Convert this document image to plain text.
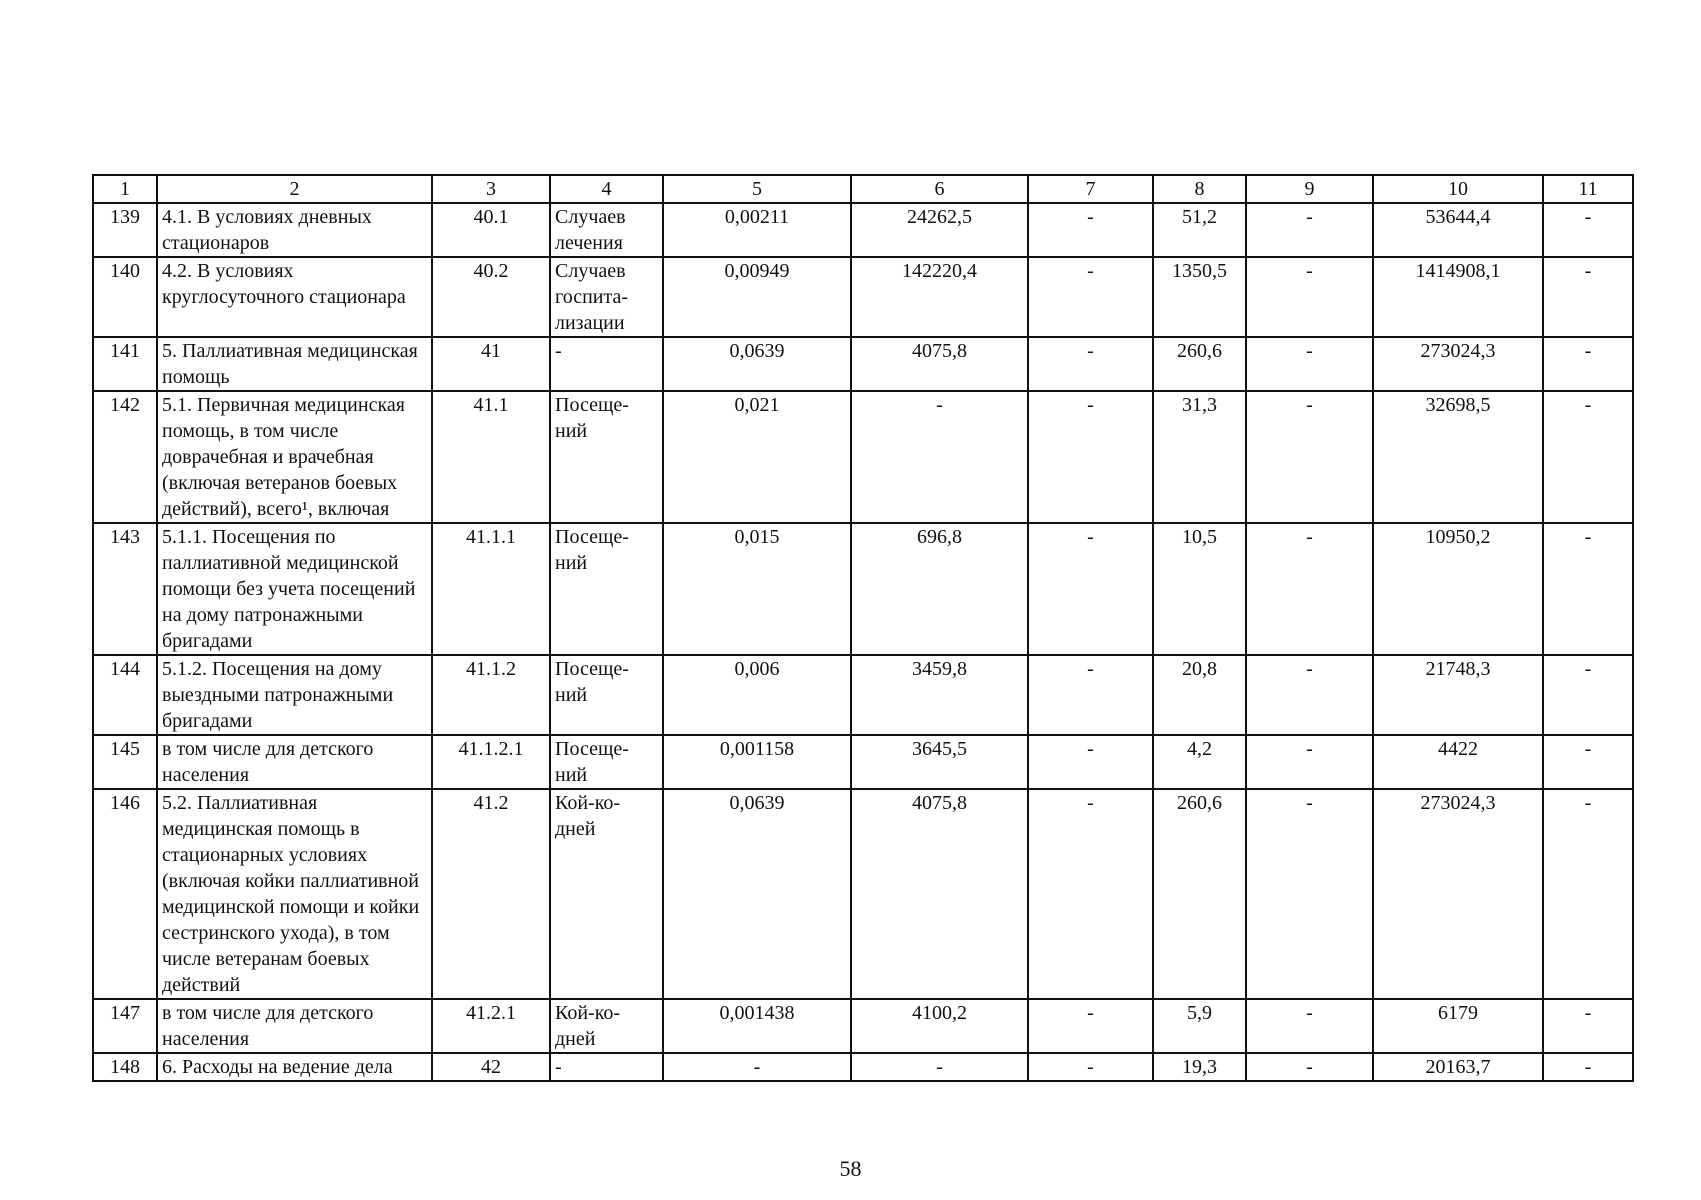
1	2	3	4	5	6	7	8	9	10	11
139	4.1. В условиях дневных стационаров	40.1	Случаев лечения	0,00211	24262,5	-	51,2	-	53644,4	-
140	4.2. В условиях круглосуточного стационара	40.2	Случаев госпита-лизации	0,00949	142220,4	-	1350,5	-	1414908,1	-
141	5. Паллиативная медицинская помощь	41	-	0,0639	4075,8	-	260,6	-	273024,3	-
142	5.1. Первичная медицинская помощь, в том числе доврачебная и врачебная (включая ветеранов боевых действий), всего¹, включая	41.1	Посеще-ний	0,021	-	-	31,3	-	32698,5	-
143	5.1.1. Посещения по паллиативной медицинской помощи без учета посещений на дому патронажными бригадами	41.1.1	Посеще-ний	0,015	696,8	-	10,5	-	10950,2	-
144	5.1.2. Посещения на дому выездными патронажными бригадами	41.1.2	Посеще-ний	0,006	3459,8	-	20,8	-	21748,3	-
145	в том числе для детского населения	41.1.2.1	Посеще-ний	0,001158	3645,5	-	4,2	-	4422	-
146	5.2. Паллиативная медицинская помощь в стационарных условиях (включая койки паллиативной медицинской помощи и койки сестринского ухода), в том числе ветеранам боевых действий	41.2	Кой-ко-дней	0,0639	4075,8	-	260,6	-	273024,3	-
147	в том числе для детского населения	41.2.1	Кой-ко-дней	0,001438	4100,2	-	5,9	-	6179	-
148	6. Расходы на ведение дела	42	-	-	-	-	19,3	-	20163,7	-
58
